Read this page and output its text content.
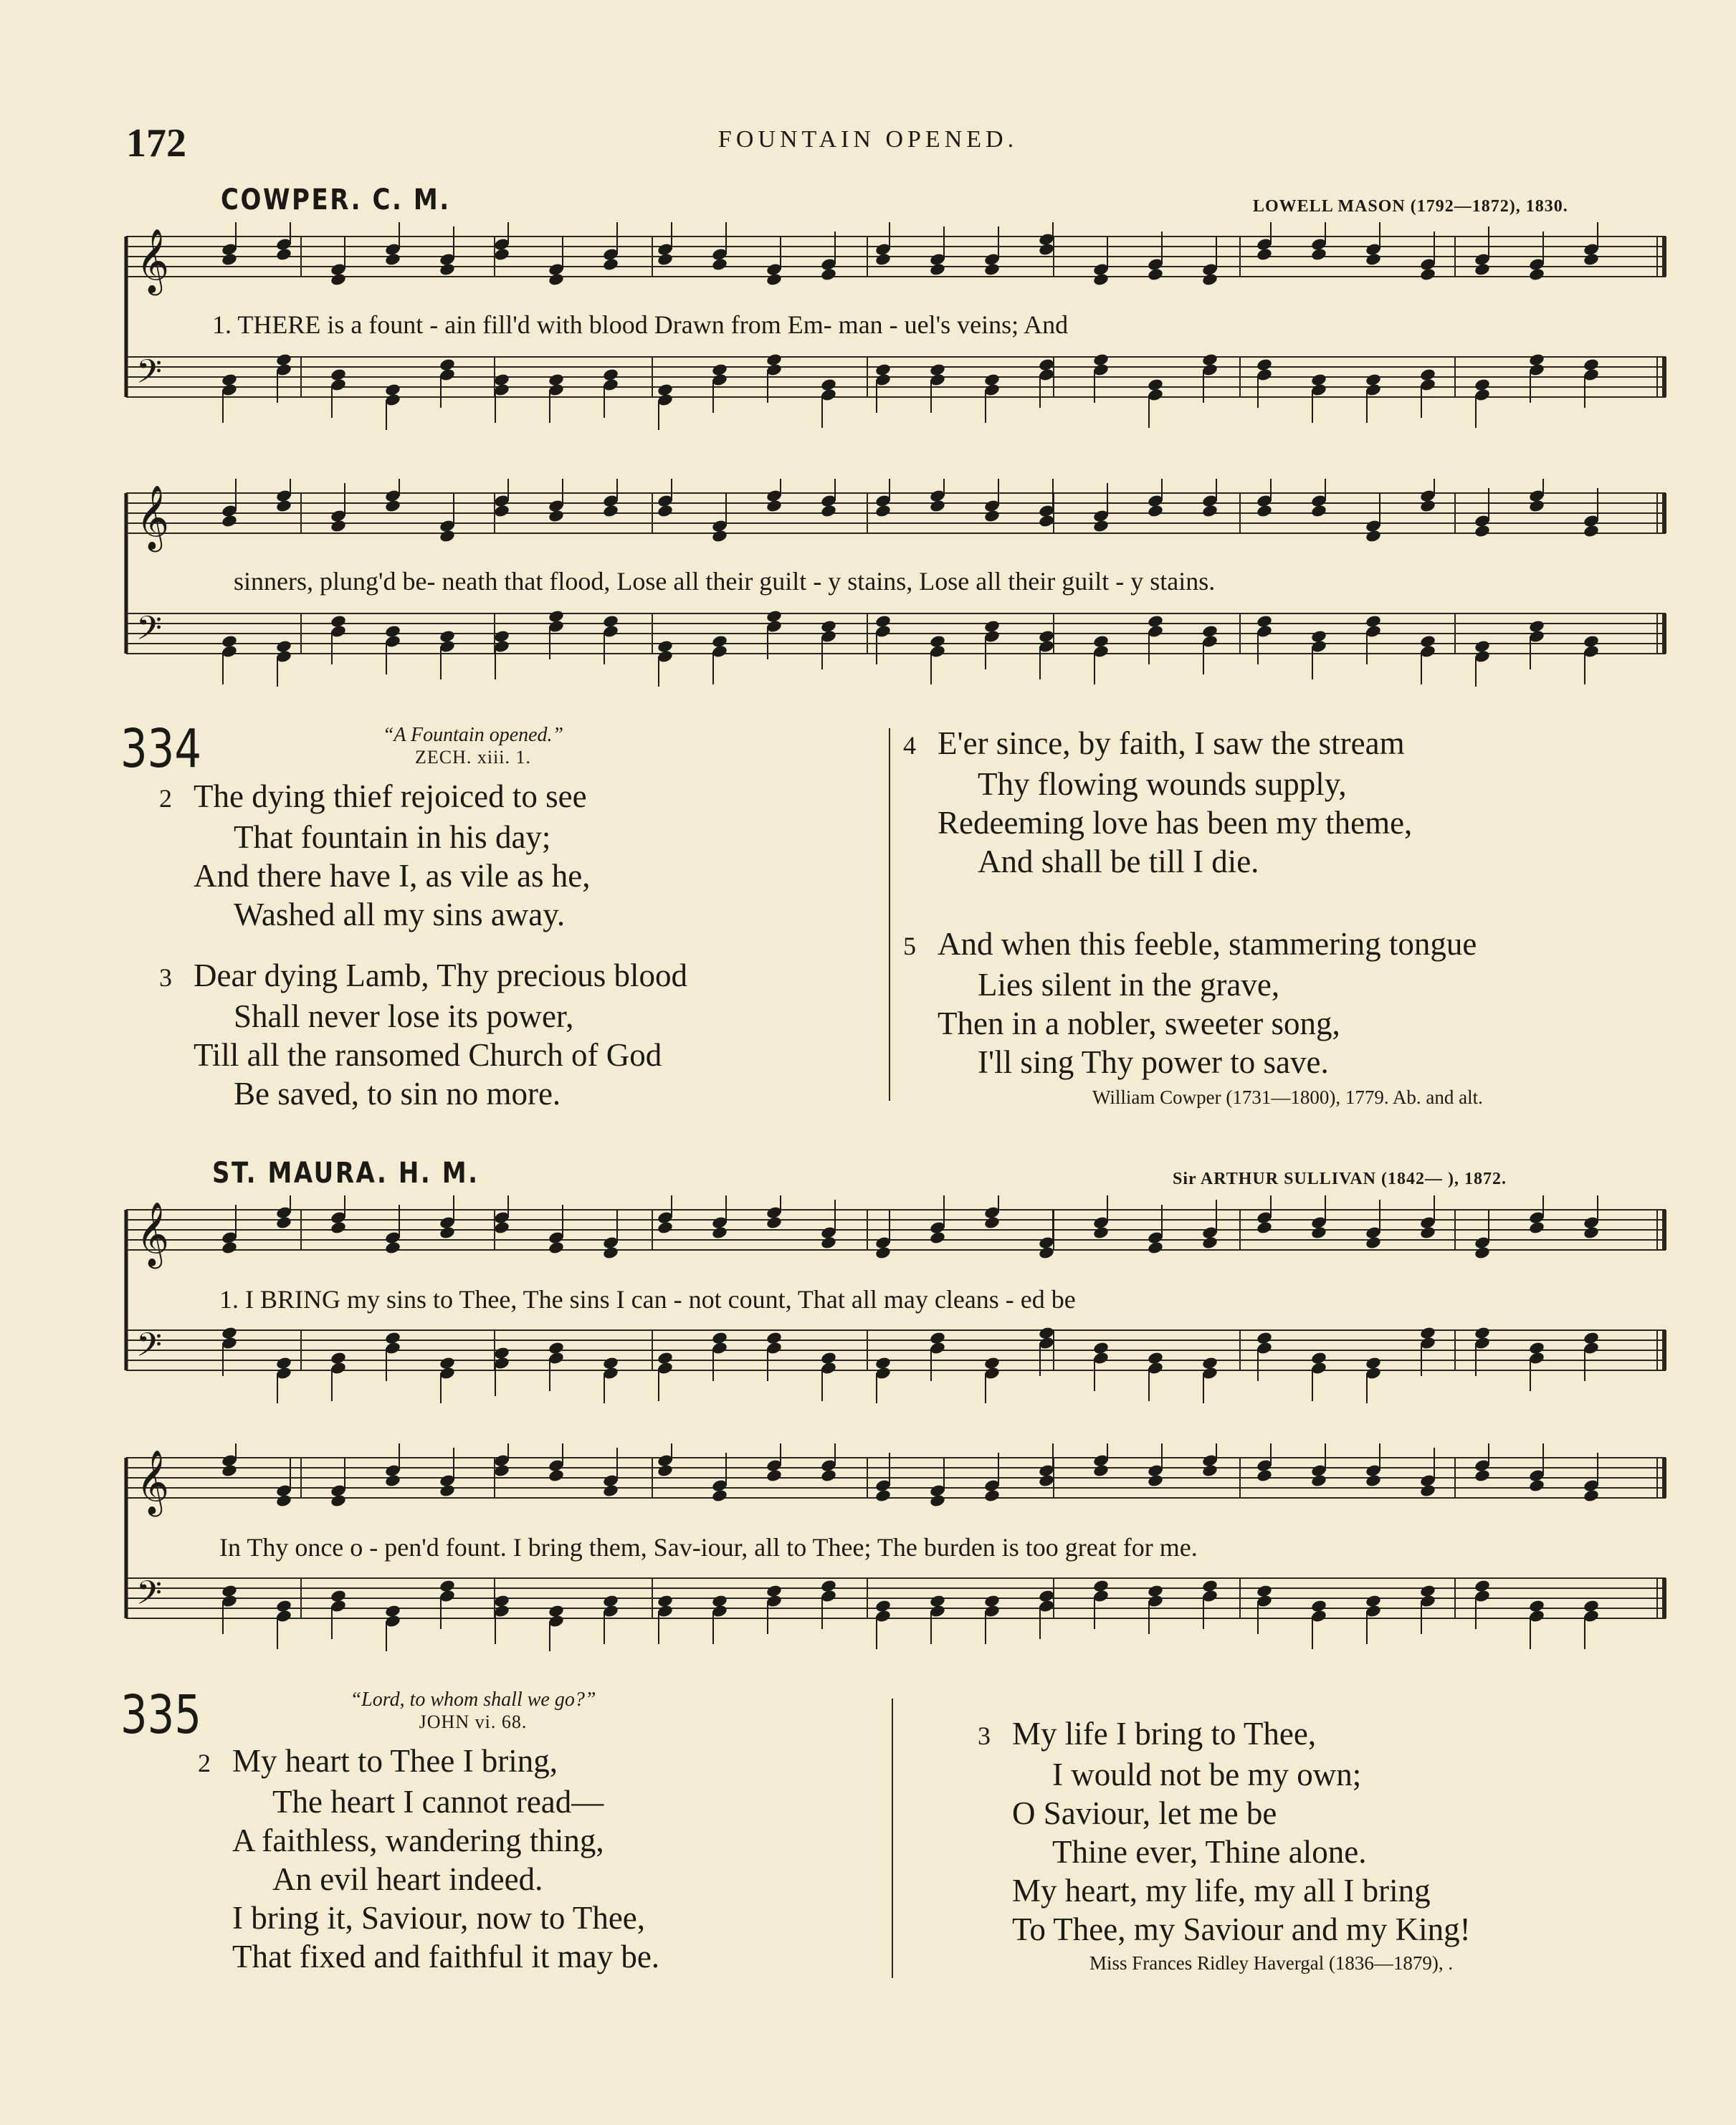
172	FOUNTAIN OPENED.
COWPER. C. M.	LOWELL MASON (1792—1872), 1830.
𝄞
𝄢
1. THERE is a fount - ain fill'd with blood Drawn from Em- man - uel's veins; And
𝄞
𝄢
sinners, plung'd be- neath that flood, Lose all their guilt - y stains, Lose all their guilt - y stains.
334	“A Fountain opened.”
ZECH. xiii. 1.
2 The dying thief rejoiced to see
That fountain in his day;
And there have I, as vile as he,
Washed all my sins away.
3 Dear dying Lamb, Thy precious blood
Shall never lose its power,
Till all the ransomed Church of God
Be saved, to sin no more.
4 E'er since, by faith, I saw the stream
Thy flowing wounds supply,
Redeeming love has been my theme,
And shall be till I die.
5 And when this feeble, stammering tongue
Lies silent in the grave,
Then in a nobler, sweeter song,
I'll sing Thy power to save.
William Cowper (1731—1800), 1779. Ab. and alt.
ST. MAURA. H. M.	Sir ARTHUR SULLIVAN (1842— ), 1872.
𝄞
𝄢
1. I BRING my sins to Thee, The sins I can - not count, That all may cleans - ed be
𝄞
𝄢
In Thy once o - pen'd fount. I bring them, Sav-iour, all to Thee; The burden is too great for me.
335	“Lord, to whom shall we go?”
JOHN vi. 68.
2 My heart to Thee I bring,
The heart I cannot read—
A faithless, wandering thing,
An evil heart indeed.
I bring it, Saviour, now to Thee,
That fixed and faithful it may be.
3 My life I bring to Thee,
I would not be my own;
O Saviour, let me be
Thine ever, Thine alone.
My heart, my life, my all I bring
To Thee, my Saviour and my King!
Miss Frances Ridley Havergal (1836—1879), .
